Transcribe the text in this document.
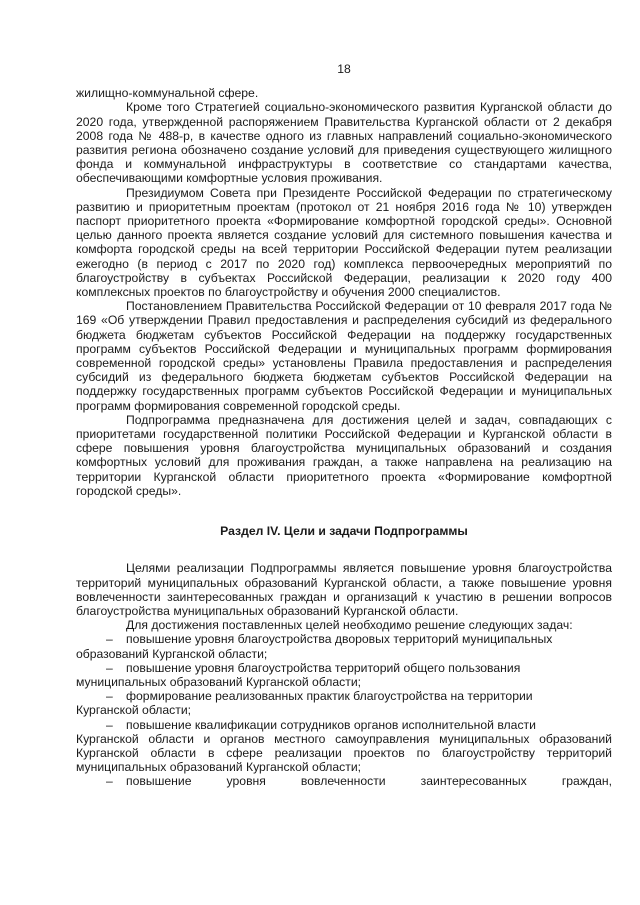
18

жилищно-коммунальной сфере.

Кроме того Стратегией социально-экономического развития Курганской области до 2020 года, утвержденной распоряжением Правительства Курганской области от 2 декабря 2008 года № 488-р, в качестве одного из главных направлений социально-экономического развития региона обозначено создание условий для приведения существующего жилищного фонда и коммунальной инфраструктуры в соответствие со стандартами качества, обеспечивающими комфортные условия проживания.

Президиумом Совета при Президенте Российской Федерации по стратегическому развитию и приоритетным проектам (протокол от 21 ноября 2016 года № 10) утвержден паспорт приоритетного проекта «Формирование комфортной городской среды». Основной целью данного проекта является создание условий для системного повышения качества и комфорта городской среды на всей территории Российской Федерации путем реализации ежегодно (в период с 2017 по 2020 год) комплекса первоочередных мероприятий по благоустройству в субъектах Российской Федерации, реализации к 2020 году 400 комплексных проектов по благоустройству и обучения 2000 специалистов.

Постановлением Правительства Российской Федерации от 10 февраля 2017 года № 169 «Об утверждении Правил предоставления и распределения субсидий из федерального бюджета бюджетам субъектов Российской Федерации на поддержку государственных программ субъектов Российской Федерации и муниципальных программ формирования современной городской среды» установлены Правила предоставления и распределения субсидий из федерального бюджета бюджетам субъектов Российской Федерации на поддержку государственных программ субъектов Российской Федерации и муниципальных программ формирования современной городской среды.

Подпрограмма предназначена для достижения целей и задач, совпадающих с приоритетами государственной политики Российской Федерации и Курганской области в сфере повышения уровня благоустройства муниципальных образований и создания комфортных условий для проживания граждан, а также направлена на реализацию на территории Курганской области приоритетного проекта «Формирование комфортной городской среды».

Раздел IV. Цели и задачи Подпрограммы

Целями реализации Подпрограммы является повышение уровня благоустройства территорий муниципальных образований Курганской области, а также повышение уровня вовлеченности заинтересованных граждан и организаций к участию в решении вопросов благоустройства муниципальных образований Курганской области.

Для достижения поставленных целей необходимо решение следующих задач:

–	повышение уровня благоустройства дворовых территорий муниципальных

образований Курганской области;

–	повышение уровня благоустройства территорий общего пользования

муниципальных образований Курганской области;

–	формирование реализованных практик благоустройства на территории

Курганской области;

–	повышение квалификации сотрудников органов исполнительной власти

Курганской области и органов местного самоуправления муниципальных образований Курганской области в сфере реализации проектов по благоустройству территорий муниципальных образований Курганской области;

–	повышение уровня вовлеченности заинтересованных граждан,
